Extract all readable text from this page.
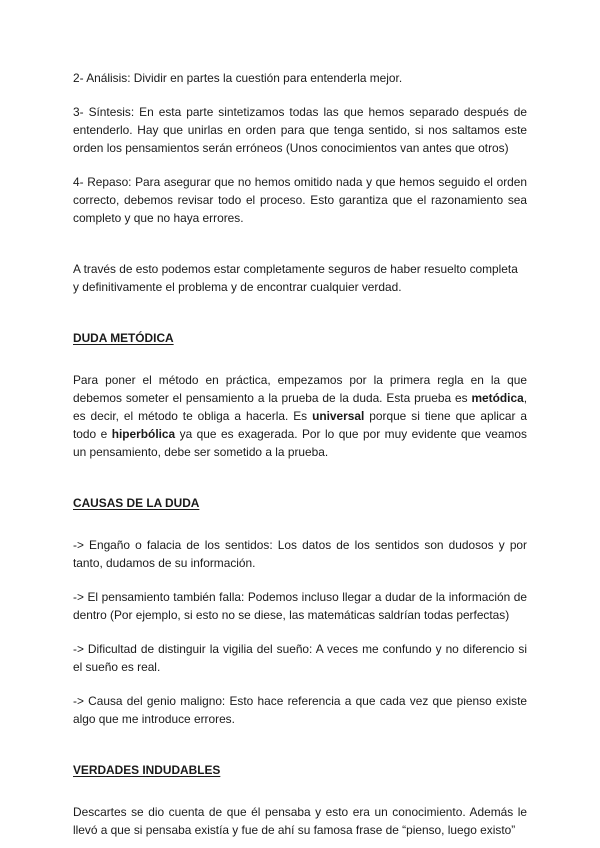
2- Análisis: Dividir en partes la cuestión para entenderla mejor.

3- Síntesis: En esta parte sintetizamos todas las que hemos separado después de entenderlo. Hay que unirlas en orden para que tenga sentido, si nos saltamos este orden los pensamientos serán erróneos (Unos conocimientos van antes que otros)

4- Repaso: Para asegurar que no hemos omitido nada y que hemos seguido el orden correcto, debemos revisar todo el proceso. Esto garantiza que el razonamiento sea completo y que no haya errores.

A través de esto podemos estar completamente seguros de haber resuelto completa y definitivamente el problema y de encontrar cualquier verdad.

DUDA METÓDICA

Para poner el método en práctica, empezamos por la primera regla en la que debemos someter el pensamiento a la prueba de la duda. Esta prueba es metódica, es decir, el método te obliga a hacerla. Es universal porque si tiene que aplicar a todo e hiperbólica ya que es exagerada. Por lo que por muy evidente que veamos un pensamiento, debe ser sometido a la prueba.

CAUSAS DE LA DUDA

-> Engaño o falacia de los sentidos: Los datos de los sentidos son dudosos y por tanto, dudamos de su información.

-> El pensamiento también falla: Podemos incluso llegar a dudar de la información de dentro (Por ejemplo, si esto no se diese, las matemáticas saldrían todas perfectas)

-> Dificultad de distinguir la vigilia del sueño: A veces me confundo y no diferencio si el sueño es real.

-> Causa del genio maligno: Esto hace referencia a que cada vez que pienso existe algo que me introduce errores.

VERDADES INDUDABLES

Descartes se dio cuenta de que él pensaba y esto era un conocimiento. Además le llevó a que si pensaba existía y fue de ahí su famosa frase de “pienso, luego existo”
